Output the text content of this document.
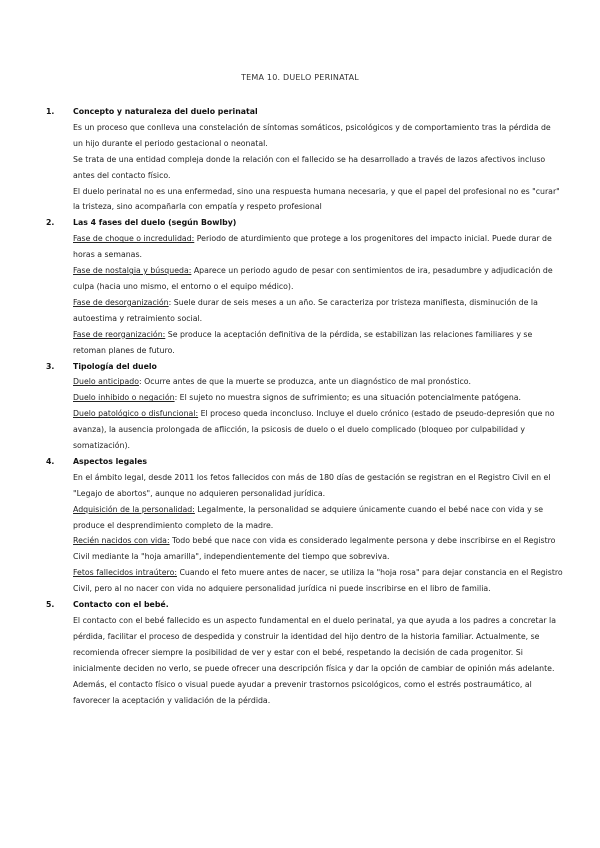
TEMA 10. DUELO PERINATAL
1. Concepto y naturaleza del duelo perinatal
Es un proceso que conlleva una constelación de síntomas somáticos, psicológicos y de comportamiento tras la pérdida de un hijo durante el periodo gestacional o neonatal.
Se trata de una entidad compleja donde la relación con el fallecido se ha desarrollado a través de lazos afectivos incluso antes del contacto físico.
El duelo perinatal no es una enfermedad, sino una respuesta humana necesaria, y que el papel del profesional no es "curar" la tristeza, sino acompañarla con empatía y respeto profesional
2. Las 4 fases del duelo (según Bowlby)
Fase de choque o incredulidad: Periodo de aturdimiento que protege a los progenitores del impacto inicial. Puede durar de horas a semanas.
Fase de nostalgia y búsqueda: Aparece un periodo agudo de pesar con sentimientos de ira, pesadumbre y adjudicación de culpa (hacia uno mismo, el entorno o el equipo médico).
Fase de desorganización: Suele durar de seis meses a un año. Se caracteriza por tristeza manifiesta, disminución de la autoestima y retraimiento social.
Fase de reorganización: Se produce la aceptación definitiva de la pérdida, se estabilizan las relaciones familiares y se retoman planes de futuro.
3. Tipología del duelo
Duelo anticipado: Ocurre antes de que la muerte se produzca, ante un diagnóstico de mal pronóstico.
Duelo inhibido o negación: El sujeto no muestra signos de sufrimiento; es una situación potencialmente patógena.
Duelo patológico o disfuncional: El proceso queda inconcluso. Incluye el duelo crónico (estado de pseudo-depresión que no avanza), la ausencia prolongada de aflicción, la psicosis de duelo o el duelo complicado (bloqueo por culpabilidad y somatización).
4. Aspectos legales
En el ámbito legal, desde 2011 los fetos fallecidos con más de 180 días de gestación se registran en el Registro Civil en el "Legajo de abortos", aunque no adquieren personalidad jurídica.
Adquisición de la personalidad: Legalmente, la personalidad se adquiere únicamente cuando el bebé nace con vida y se produce el desprendimiento completo de la madre.
Recién nacidos con vida: Todo bebé que nace con vida es considerado legalmente persona y debe inscribirse en el Registro Civil mediante la "hoja amarilla", independientemente del tiempo que sobreviva.
Fetos fallecidos intraútero: Cuando el feto muere antes de nacer, se utiliza la "hoja rosa" para dejar constancia en el Registro Civil, pero al no nacer con vida no adquiere personalidad jurídica ni puede inscribirse en el libro de familia.
5. Contacto con el bebé.
El contacto con el bebé fallecido es un aspecto fundamental en el duelo perinatal, ya que ayuda a los padres a concretar la pérdida, facilitar el proceso de despedida y construir la identidad del hijo dentro de la historia familiar. Actualmente, se recomienda ofrecer siempre la posibilidad de ver y estar con el bebé, respetando la decisión de cada progenitor. Si inicialmente deciden no verlo, se puede ofrecer una descripción física y dar la opción de cambiar de opinión más adelante. Además, el contacto físico o visual puede ayudar a prevenir trastornos psicológicos, como el estrés postraumático, al favorecer la aceptación y validación de la pérdida.
